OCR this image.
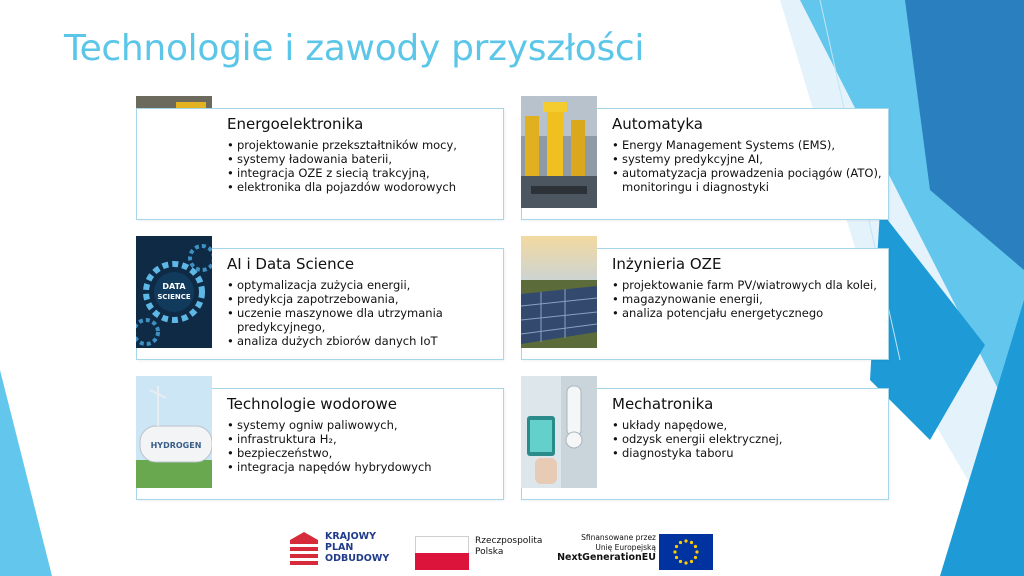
Technologie i zawody przyszłości
Energoelektronika
• projektowanie przekształtników mocy,
• systemy ładowania baterii,
• integracja OZE z siecią trakcyjną,
• elektronika dla pojazdów wodorowych
Automatyka
• Energy Management Systems (EMS),
• systemy predykcyjne AI,
• automatyzacja prowadzenia pociągów (ATO), monitoringu i diagnostyki
AI i Data Science
• optymalizacja zużycia energii,
• predykcja zapotrzebowania,
• uczenie maszynowe dla utrzymania predykcyjnego,
• analiza dużych zbiorów danych IoT
DATA
SCIENCE
Inżynieria OZE
• projektowanie farm PV/wiatrowych dla kolei,
• magazynowanie energii,
• analiza potencjału energetycznego
Technologie wodorowe
• systemy ogniw paliwowych,
• infrastruktura H₂,
• bezpieczeństwo,
• integracja napędów hybrydowych
HYDROGEN
Mechatronika
• układy napędowe,
• odzysk energii elektrycznej,
• diagnostyka taboru
KRAJOWY
PLAN
ODBUDOWY
Rzeczpospolita
Polska
Sfinansowane przez
Unię Europejską
NextGenerationEU
